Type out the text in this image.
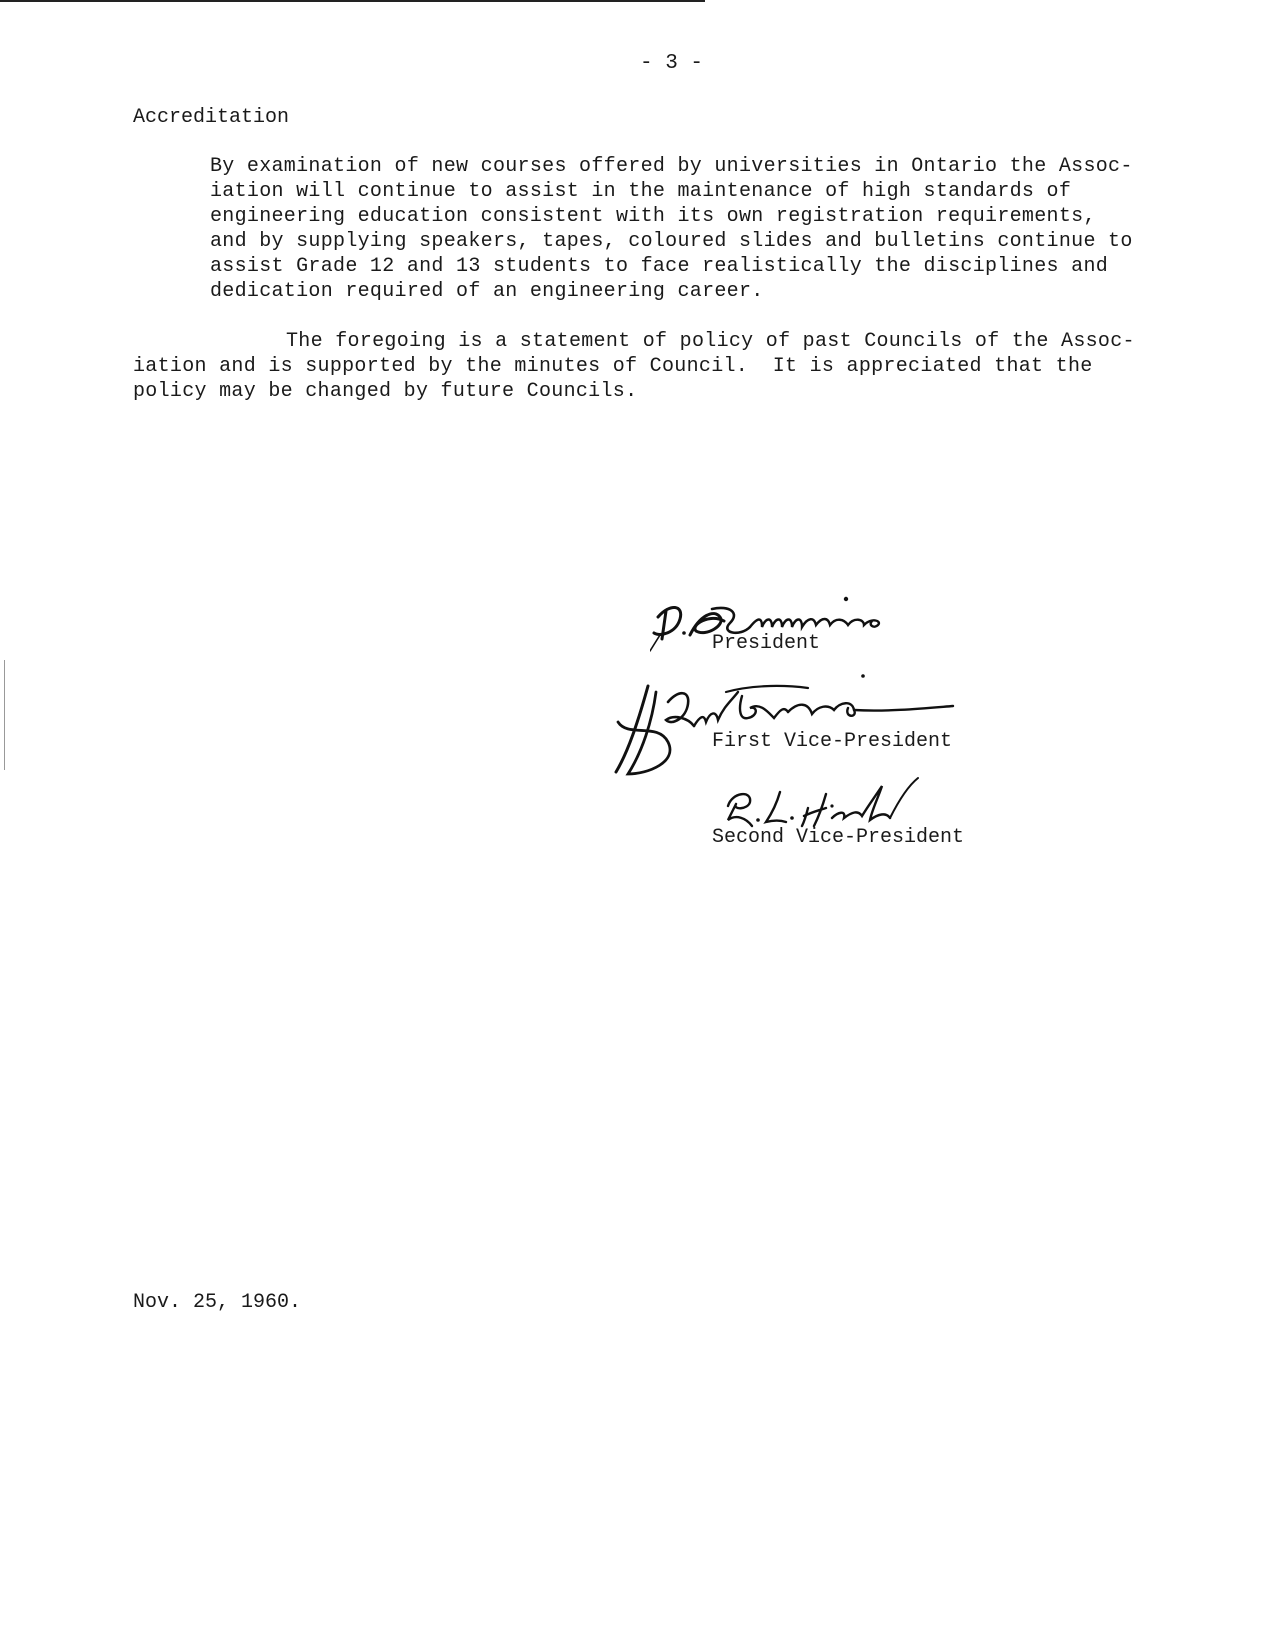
- 3 -
Accreditation
By examination of new courses offered by universities in Ontario the Assoc-
iation will continue to assist in the maintenance of high standards of
engineering education consistent with its own registration requirements,
and by supplying speakers, tapes, coloured slides and bulletins continue to
assist Grade 12 and 13 students to face realistically the disciplines and
dedication required of an engineering career.
The foregoing is a statement of policy of past Councils of the Assoc-
iation and is supported by the minutes of Council.  It is appreciated that the
policy may be changed by future Councils.
President
First Vice-President
Second Vice-President
Nov. 25, 1960.
